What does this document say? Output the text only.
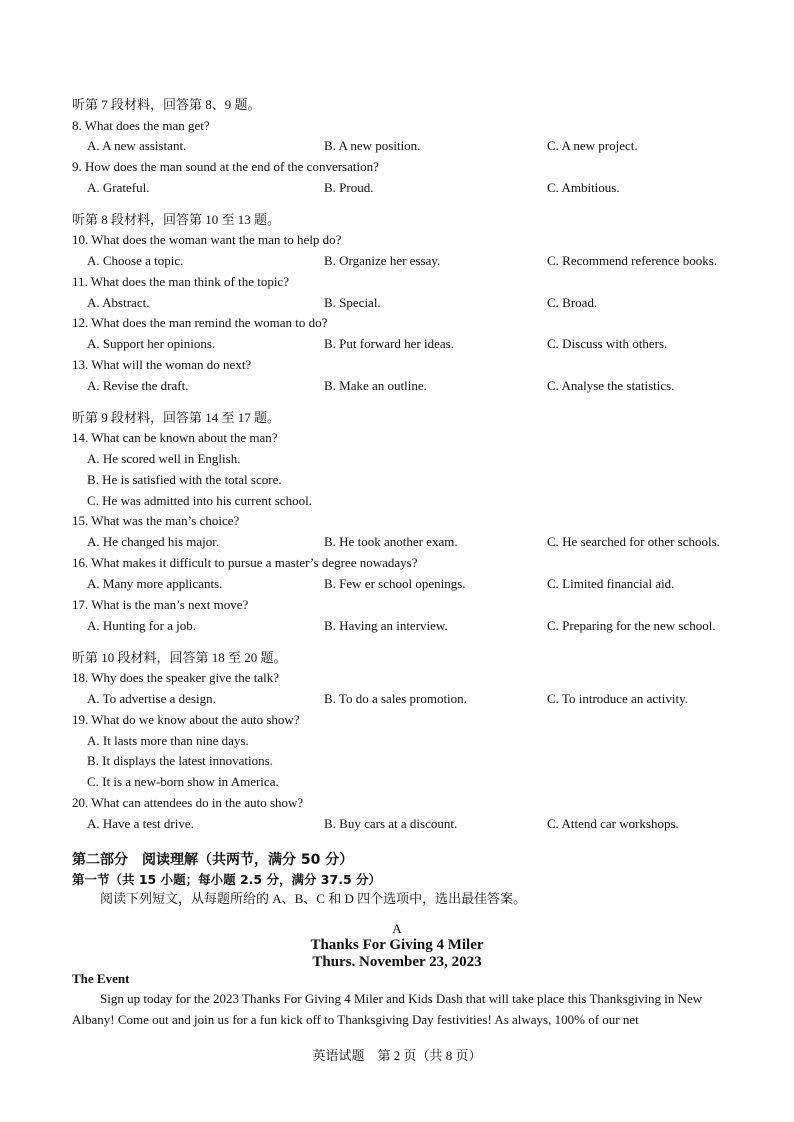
听第 7 段材料，回答第 8、9 题。
8. What does the man get?
A. A new assistant.	B. A new position.	C. A new project.
9. How does the man sound at the end of the conversation?
A. Grateful.	B. Proud.	C. Ambitious.
听第 8 段材料，回答第 10 至 13 题。
10. What does the woman want the man to help do?
A. Choose a topic.	B. Organize her essay.	C. Recommend reference books.
11. What does the man think of the topic?
A. Abstract.	B. Special.	C. Broad.
12. What does the man remind the woman to do?
A. Support her opinions.	B. Put forward her ideas.	C. Discuss with others.
13. What will the woman do next?
A. Revise the draft.	B. Make an outline.	C. Analyse the statistics.
听第 9 段材料，回答第 14 至 17 题。
14. What can be known about the man?
A. He scored well in English.
B. He is satisfied with the total score.
C. He was admitted into his current school.
15. What was the man’s choice?
A. He changed his major.	B. He took another exam.	C. He searched for other schools.
16. What makes it difficult to pursue a master’s degree nowadays?
A. Many more applicants.	B. Few er school openings.	C. Limited financial aid.
17. What is the man’s next move?
A. Hunting for a job.	B. Having an interview.	C. Preparing for the new school.
听第 10 段材料，回答第 18 至 20 题。
18. Why does the speaker give the talk?
A. To advertise a design.	B. To do a sales promotion.	C. To introduce an activity.
19. What do we know about the auto show?
A. It lasts more than nine days.
B. It displays the latest innovations.
C. It is a new-born show in America.
20. What can attendees do in the auto show?
A. Have a test drive.	B. Buy cars at a discount.	C. Attend car workshops.
第二部分　阅读理解（共两节，满分 50 分）
第一节（共 15 小题；每小题 2.5 分，满分 37.5 分）
阅读下列短文，从每题所给的 A、B、C 和 D 四个选项中，选出最佳答案。
A
Thanks For Giving 4 Miler
Thurs. November 23, 2023
The Event
Sign up today for the 2023 Thanks For Giving 4 Miler and Kids Dash that will take place this Thanksgiving in New Albany! Come out and join us for a fun kick off to Thanksgiving Day festivities! As always, 100% of our net
英语试题　第 2 页（共 8 页）
